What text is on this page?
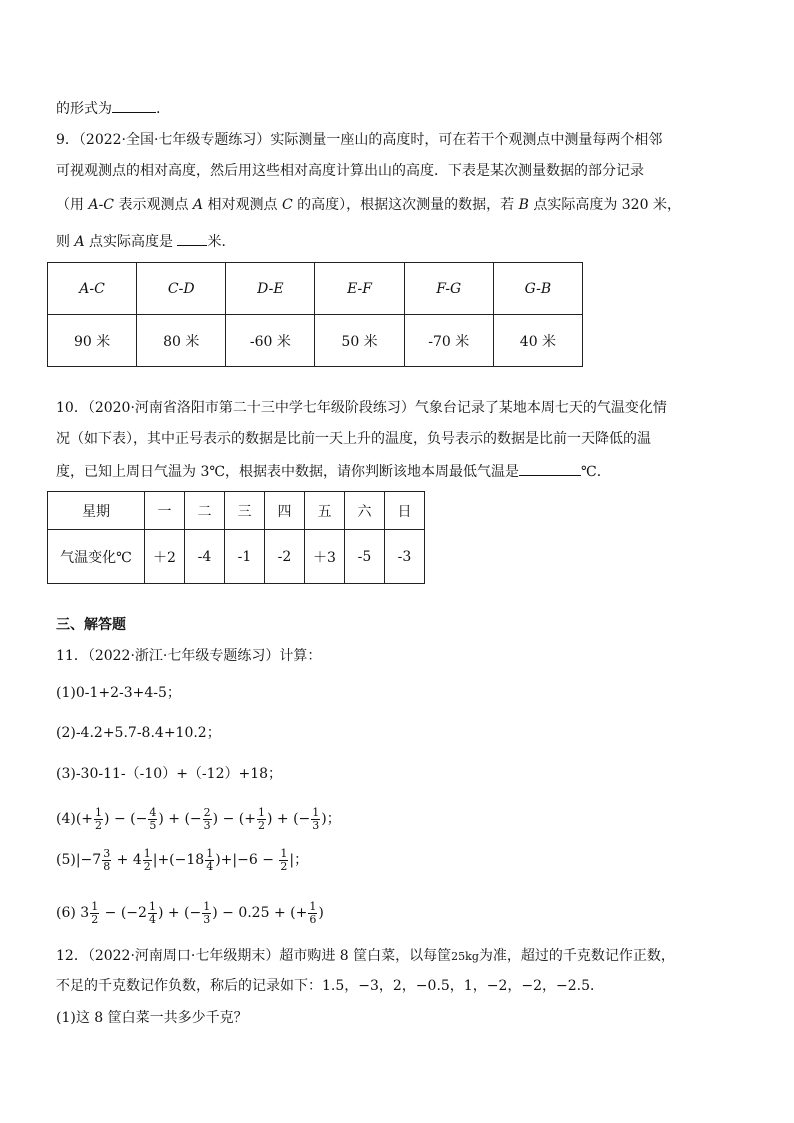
的形式为	.
9．（2022·全国·七年级专题练习）实际测量一座山的高度时，可在若干个观测点中测量每两个相邻
可视观测点的相对高度，然后用这些相对高度计算出山的高度．下表是某次测量数据的部分记录
（用 A-C 表示观测点 A 相对观测点 C 的高度），根据这次测量的数据，若 B 点实际高度为 320 米，
则 A 点实际高度是 米．
A-C	C-D	D-E	E-F	F-G	G-B
90 米	80 米	-60 米	50 米	-70 米	40 米
10．（2020·河南省洛阳市第二十三中学七年级阶段练习）气象台记录了某地本周七天的气温变化情
况（如下表），其中正号表示的数据是比前一天上升的温度，负号表示的数据是比前一天降低的温
度，已知上周日气温为 3℃，根据表中数据，请你判断该地本周最低气温是	℃．
星期	一	二	三	四	五	六	日
气温变化℃	＋2	-4	-1	-2	＋3	-5	-3
三、解答题
11．（2022·浙江·七年级专题练习）计算：
(1)0-1+2-3+4-5；
(2)-4.2+5.7-8.4+10.2；
(3)-30-11-（-10）+（-12）+18；
$(4)(+ \frac{1}{2}$ ) − (− $\frac{4}{5}$ ) + (− $\frac{2}{3}$ ) − (+ $\frac{1}{2}$ ) + (− $\frac{1}{3}$ )；
$(5)|-7 \frac{3}{8} + 4 \frac{1}{2} |+(-18 \frac{1}{4} )+|-6 - \frac{1}{2}$ |；
(6) $3 \frac{1}{2} - (-2 \frac{1}{4}$ ) + (− $\frac{1}{3}$ ) − 0.25 + (+ $\frac{1}{6}$ )
12．（2022·河南周口·七年级期末）超市购进 8 筐白菜，以每筐25kg为准，超过的千克数记作正数，
不足的千克数记作负数，称后的记录如下：1.5，−3，2，−0.5，1，−2，−2，−2.5．
(1)这 8 筐白菜一共多少千克？
